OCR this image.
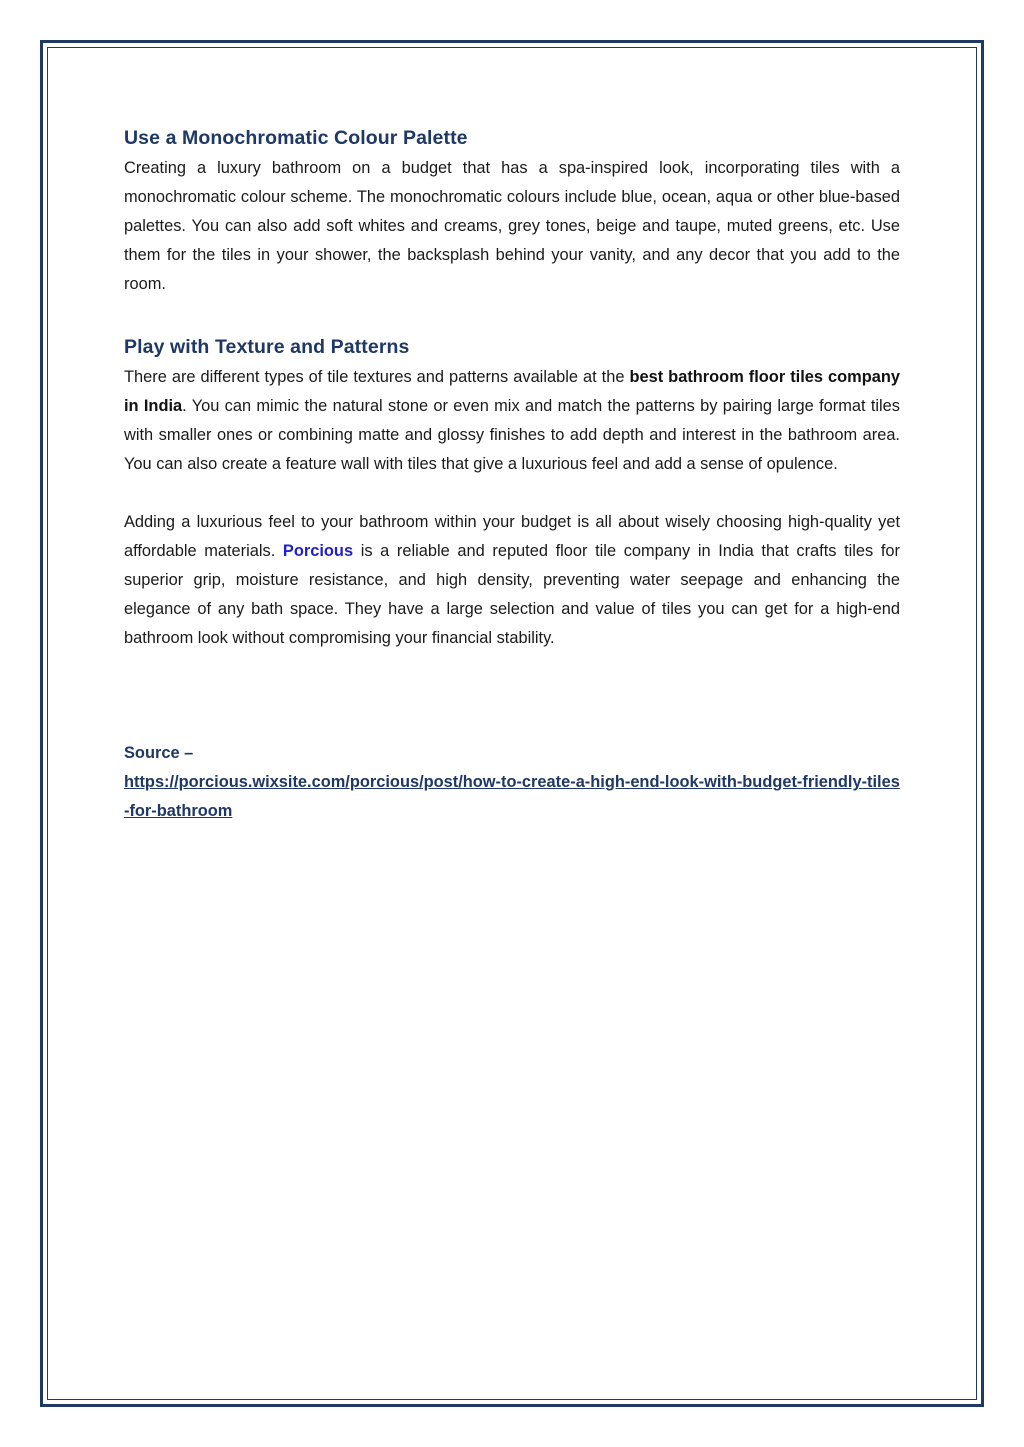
Use a Monochromatic Colour Palette

Creating a luxury bathroom on a budget that has a spa-inspired look, incorporating tiles with a monochromatic colour scheme. The monochromatic colours include blue, ocean, aqua or other blue-based palettes. You can also add soft whites and creams, grey tones, beige and taupe, muted greens, etc. Use them for the tiles in your shower, the backsplash behind your vanity, and any decor that you add to the room.

Play with Texture and Patterns

There are different types of tile textures and patterns available at the best bathroom floor tiles company in India. You can mimic the natural stone or even mix and match the patterns by pairing large format tiles with smaller ones or combining matte and glossy finishes to add depth and interest in the bathroom area. You can also create a feature wall with tiles that give a luxurious feel and add a sense of opulence.

Adding a luxurious feel to your bathroom within your budget is all about wisely choosing high-quality yet affordable materials. Porcious is a reliable and reputed floor tile company in India that crafts tiles for superior grip, moisture resistance, and high density, preventing water seepage and enhancing the elegance of any bath space. They have a large selection and value of tiles you can get for a high-end bathroom look without compromising your financial stability.

Source –
https://porcious.wixsite.com/porcious/post/how-to-create-a-high-end-look-with-budget-friendly-tiles-for-bathroom
